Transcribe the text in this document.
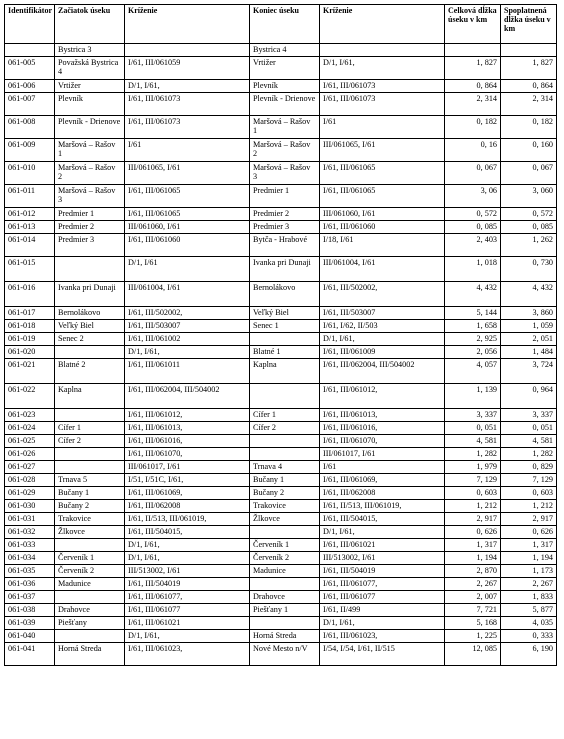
Identifikátor	Začiatok úseku	Kríženie	Koniec úseku	Kríženie	Celková dĺžka úseku v km	Spoplatnená dĺžka úseku v km
	Bystrica 3		Bystrica 4			
061-005	Považská Bystrica 4	I/61, III/061059	Vrtižer	D/1, I/61,	1, 827	1, 827
061-006	Vrtižer	D/1, I/61,	Plevník	I/61, III/061073	0, 864	0, 864
061-007	Plevník	I/61, III/061073	Plevník - Drienove	I/61, III/061073	2, 314	2, 314
061-008	Plevník - Drienove	I/61, III/061073	Maršová – Rašov 1	I/61	0, 182	0, 182
061-009	Maršová – Rašov 1	I/61	Maršová – Rašov 2	III/061065, I/61	0, 16	0, 160
061-010	Maršová – Rašov 2	III/061065, I/61	Maršová – Rašov 3	I/61, III/061065	0, 067	0, 067
061-011	Maršová – Rašov 3	I/61, III/061065	Predmier 1	I/61, III/061065	3, 06	3, 060
061-012	Predmier 1	I/61, III/061065	Predmier 2	III/061060, I/61	0, 572	0, 572
061-013	Predmier 2	III/061060, I/61	Predmier 3	I/61, III/061060	0, 085	0, 085
061-014	Predmier 3	I/61, III/061060	Bytča - Hrabové	I/18, I/61	2, 403	1, 262
061-015		D/1, I/61	Ivanka pri Dunaji	III/061004, I/61	1, 018	0, 730
061-016	Ivanka pri Dunaji	III/061004, I/61	Bernolákovo	I/61, III/502002,	4, 432	4, 432
061-017	Bernolákovo	I/61, III/502002,	Veľký Biel	I/61, III/503007	5, 144	3, 860
061-018	Veľký Biel	I/61, III/503007	Senec 1	I/61, I/62, II/503	1, 658	1, 059
061-019	Senec 2	I/61, III/061002		D/1, I/61,	2, 925	2, 051
061-020		D/1, I/61,	Blatné 1	I/61, III/061009	2, 056	1, 484
061-021	Blatné 2	I/61, III/061011	Kaplna	I/61, III/062004, III/504002	4, 057	3, 724
061-022	Kaplna	I/61, III/062004, III/504002		I/61, III/061012,	1, 139	0, 964
061-023		I/61, III/061012,	Cífer 1	I/61, III/061013,	3, 337	3, 337
061-024	Cífer 1	I/61, III/061013,	Cífer 2	I/61, III/061016,	0, 051	0, 051
061-025	Cífer 2	I/61, III/061016,		I/61, III/061070,	4, 581	4, 581
061-026		I/61, III/061070,		III/061017, I/61	1, 282	1, 282
061-027		III/061017, I/61	Trnava 4	I/61	1, 979	0, 829
061-028	Trnava 5	I/51, I/51C, I/61,	Bučany 1	I/61, III/061069,	7, 129	7, 129
061-029	Bučany 1	I/61, III/061069,	Bučany 2	I/61, III/062008	0, 603	0, 603
061-030	Bučany 2	I/61, III/062008	Trakovice	I/61, II/513, III/061019,	1, 212	1, 212
061-031	Trakovice	I/61, II/513, III/061019,	Žlkovce	I/61, III/504015,	2, 917	2, 917
061-032	Žlkovce	I/61, III/504015,		D/1, I/61,	0, 626	0, 626
061-033		D/1, I/61,	Červeník 1	I/61, III/061021	1, 317	1, 317
061-034	Červeník 1	D/1, I/61,	Červeník 2	III/513002, I/61	1, 194	1, 194
061-035	Červeník 2	III/513002, I/61	Madunice	I/61, III/504019	2, 870	1, 173
061-036	Madunice	I/61, III/504019		I/61, III/061077,	2, 267	2, 267
061-037		I/61, III/061077,	Drahovce	I/61, III/061077	2, 007	1, 833
061-038	Drahovce	I/61, III/061077	Piešťany 1	I/61, II/499	7, 721	5, 877
061-039	Piešťany	I/61, III/061021		D/1, I/61,	5, 168	4, 035
061-040		D/1, I/61,	Horná Streda	I/61, III/061023,	1, 225	0, 333
061-041	Horná Streda	I/61, III/061023,	Nové Mesto n/V	I/54, I/54, I/61, II/515	12, 085	6, 190
